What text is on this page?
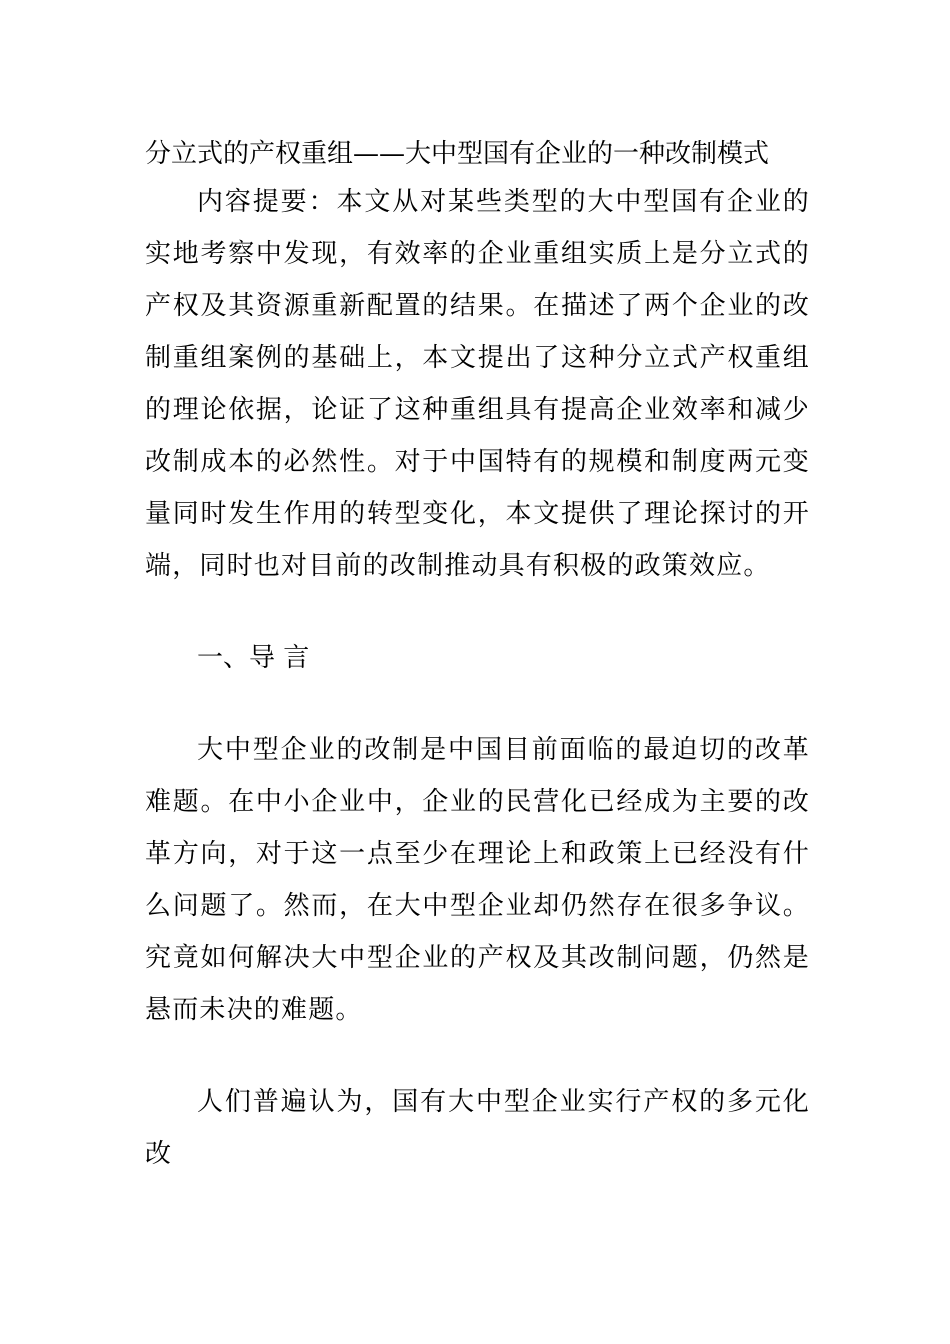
分立式的产权重组——大中型国有企业的一种改制模式

内容提要：本文从对某些类型的大中型国有企业的实地考察中发现，有效率的企业重组实质上是分立式的产权及其资源重新配置的结果。在描述了两个企业的改制重组案例的基础上，本文提出了这种分立式产权重组的理论依据，论证了这种重组具有提高企业效率和减少改制成本的必然性。对于中国特有的规模和制度两元变量同时发生作用的转型变化，本文提供了理论探讨的开端，同时也对目前的改制推动具有积极的政策效应。

一、导 言

大中型企业的改制是中国目前面临的最迫切的改革难题。在中小企业中，企业的民营化已经成为主要的改革方向，对于这一点至少在理论上和政策上已经没有什么问题了。然而，在大中型企业却仍然存在很多争议。究竟如何解决大中型企业的产权及其改制问题，仍然是悬而未决的难题。

人们普遍认为，国有大中型企业实行产权的多元化改
